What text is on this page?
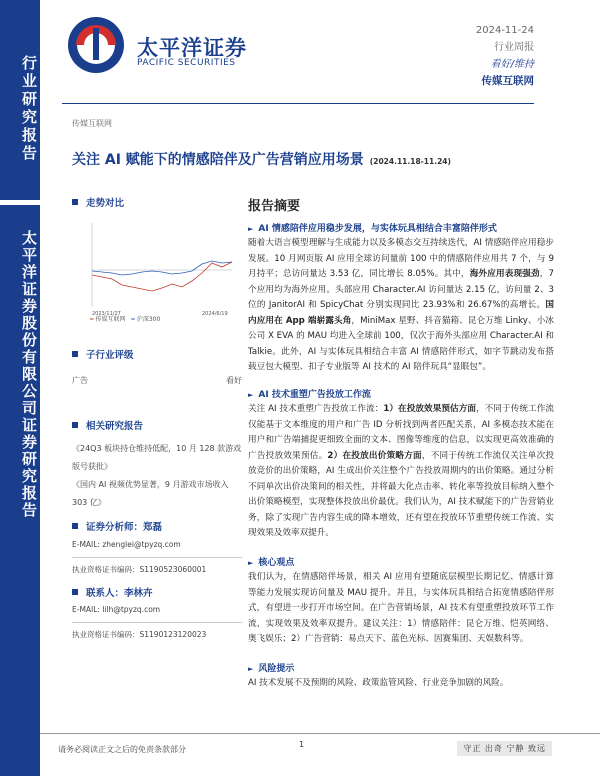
行业研究报告
太平洋证券股份有限公司证券研究报告
太平洋证券
PACIFIC SECURITIES
2024-11-24
行业周报
看好/维持
传媒互联网
传媒互联网
关注 AI 赋能下的情感陪伴及广告营销应用场景 (2024.11.18-11.24)
走势对比
2023/11/27	2024/6/19
━ 传媒互联网 ━ 沪深300
子行业评级
广告	看好
相关研究报告
《24Q3 板块持仓维持低配，10 月 128 款游戏版号获批》
《国内 AI 视频优势显著，9 月游戏市场收入 303 亿》
证券分析师：郑磊
E-MAIL: zhenglei@tpyzq.com
执业资格证书编码：S1190523060001
联系人：李林卉
E-MAIL: lilh@tpyzq.com
执业资格证书编码：S1190123120023
报告摘要
► AI 情感陪伴应用稳步发展，与实体玩具相结合丰富陪伴形式

随着大语言模型理解与生成能力以及多模态交互持续迭代，AI 情感陪伴应用稳步发展。10 月网页版 AI 应用全球访问量前 100 中的情感陪伴应用共 7 个，与 9 月持平；总访问量达 3.53 亿，同比增长 8.05%。其中，海外应用表现强劲，7 个应用均为海外应用。头部应用 Character.AI 访问量达 2.15 亿，访问量 2、3 位的 JanitorAI 和 SpicyChat 分别实现同比 23.93%和 26.67%的高增长。国内应用在 App 端崭露头角，MiniMax 星野、抖音猫箱、昆仑万维 Linky、小冰公司 X EVA 的 MAU 均进入全球前 100，仅次于海外头部应用 Character.AI 和 Talkie。此外，AI 与实体玩具相结合丰富 AI 情感陪伴形式，如字节跳动发布搭载豆包大模型、扣子专业版等 AI 技术的 AI 陪伴玩具“显眼包”。

► AI 技术重塑广告投放工作流

关注 AI 技术重塑广告投放工作流：1）在投放效果预估方面，不同于传统工作流仅能基于文本维度的用户和广告 ID 分析找到两者匹配关系，AI 多模态技术能在用户和广告端捕捉更细致全面的文本、图像等维度的信息，以实现更高效准确的广告投放效果预估。2）在投放出价策略方面，不同于传统工作流仅关注单次投放竞价的出价策略，AI 生成出价关注整个广告投放周期内的出价策略。通过分析不同单次出价决策间的相关性，并将最大化点击率、转化率等投放目标纳入整个出价策略模型，实现整体投放出价最优。我们认为，AI 技术赋能下的广告营销业务，除了实现广告内容生成的降本增效，还有望在投放环节重塑传统工作流、实现效果及效率双提升。

► 核心观点

我们认为，在情感陪伴场景，相关 AI 应用有望随底层模型长期记忆、情感计算等能力发展实现访问量及 MAU 提升。并且，与实体玩具相结合拓宽情感陪伴形式，有望进一步打开市场空间。在广告营销场景，AI 技术有望重塑投放环节工作流，实现效果及效率双提升。建议关注：1）情感陪伴：昆仑万维、恺英网络、奥飞娱乐；2）广告营销：易点天下、蓝色光标、因赛集团、天娱数科等。

► 风险提示

AI 技术发展不及预期的风险、政策监管风险、行业竞争加剧的风险。

1
请务必阅读正文之后的免责条款部分	守正 出奇 宁静 致远
